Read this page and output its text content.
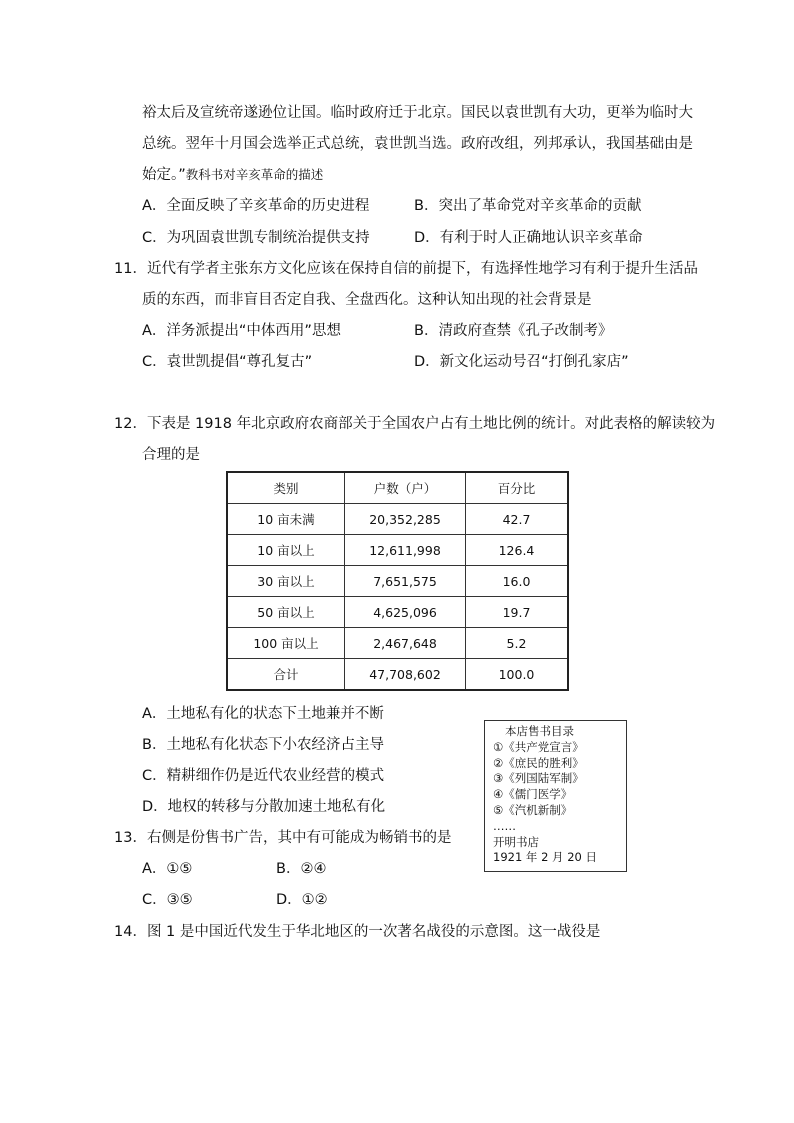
裕太后及宣统帝遂逊位让国。临时政府迁于北京。国民以袁世凯有大功，更举为临时大
总统。翌年十月国会选举正式总统，袁世凯当选。政府改组，列邦承认，我国基础由是
始定。”教科书对辛亥革命的描述
A．全面反映了辛亥革命的历史进程	B．突出了革命党对辛亥革命的贡献
C．为巩固袁世凯专制统治提供支持	D．有利于时人正确地认识辛亥革命
11．近代有学者主张东方文化应该在保持自信的前提下，有选择性地学习有利于提升生活品
质的东西，而非盲目否定自我、全盘西化。这种认知出现的社会背景是
A．洋务派提出“中体西用”思想	B．清政府查禁《孔子改制考》
C．袁世凯提倡“尊孔复古”	D．新文化运动号召“打倒孔家店”
12．下表是 1918 年北京政府农商部关于全国农户占有土地比例的统计。对此表格的解读较为
合理的是
类别	户数（户）	百分比
10 亩未满	20,352,285	42.7
10 亩以上	12,611,998	126.4
30 亩以上	7,651,575	16.0
50 亩以上	4,625,096	19.7
100 亩以上	2,467,648	5.2
合计	47,708,602	100.0
A．土地私有化的状态下土地兼并不断
B．土地私有化状态下小农经济占主导
C．精耕细作仍是近代农业经营的模式
D．地权的转移与分散加速土地私有化
本店售书目录
①《共产党宣言》
②《庶民的胜利》
③《列国陆军制》
④《儒门医学》
⑤《汽机新制》
……
开明书店
1921 年 2 月 20 日
13．右侧是份售书广告，其中有可能成为畅销书的是
A．①⑤	B．②④
C．③⑤	D．①②
14．图 1 是中国近代发生于华北地区的一次著名战役的示意图。这一战役是
